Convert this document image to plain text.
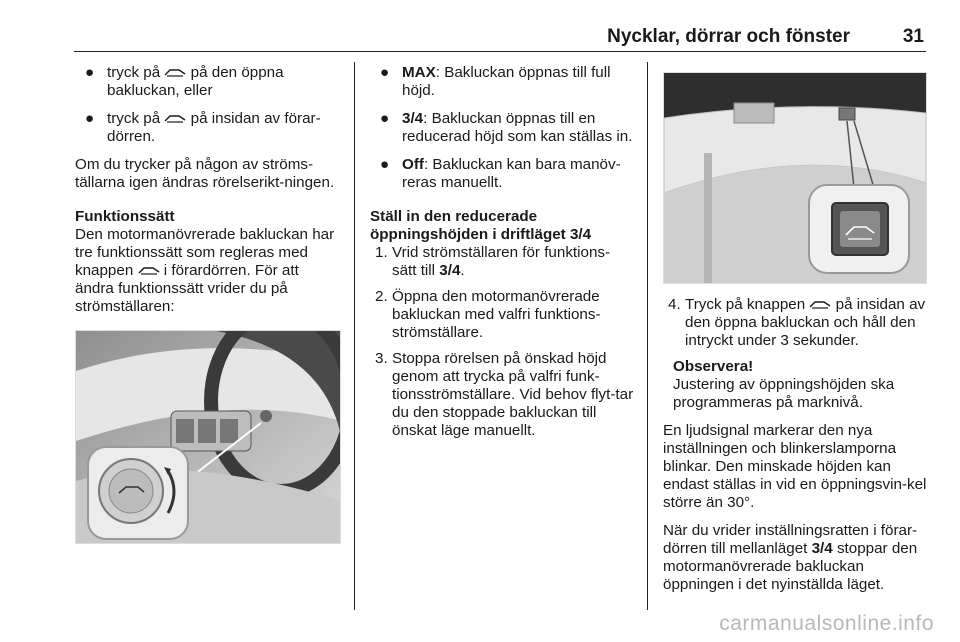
Nycklar, dörrar och fönster	31
● tryck på på den öppna bakluckan, eller
● tryck på på insidan av förar-dörren.

Om du trycker på någon av ströms-tällarna igen ändras rörelserikt-ningen.

Funktionssätt

Den motormanövrerade bakluckan har tre funktionssätt som regleras med knappen i förardörren. För att ändra funktionssätt vrider du på strömställaren:

● MAX: Bakluckan öppnas till full höjd.
● 3/4: Bakluckan öppnas till en reducerad höjd som kan ställas in.
● Off: Bakluckan kan bara manöv-reras manuellt.

Ställ in den reducerade
öppningshöjden i driftläget 3/4

1. Vrid strömställaren för funktions-sätt till 3/4.
2. Öppna den motormanövrerade bakluckan med valfri funktions-strömställare.
3. Stoppa rörelsen på önskad höjd genom att trycka på valfri funk-tionsströmställare. Vid behov flyt-tar du den stoppade bakluckan till önskat läge manuellt.
4. Tryck på knappen på insidan av den öppna bakluckan och håll den intryckt under 3 sekunder.

Observera!

Justering av öppningshöjden ska programmeras på marknivå.

En ljudsignal markerar den nya inställningen och blinkerslamporna blinkar. Den minskade höjden kan endast ställas in vid en öppningsvin-kel större än 30°.

När du vrider inställningsratten i förar-dörren till mellanläget 3/4 stoppar den motormanövrerade bakluckan öppningen i det nyinställda läget.

carmanualsonline.info
